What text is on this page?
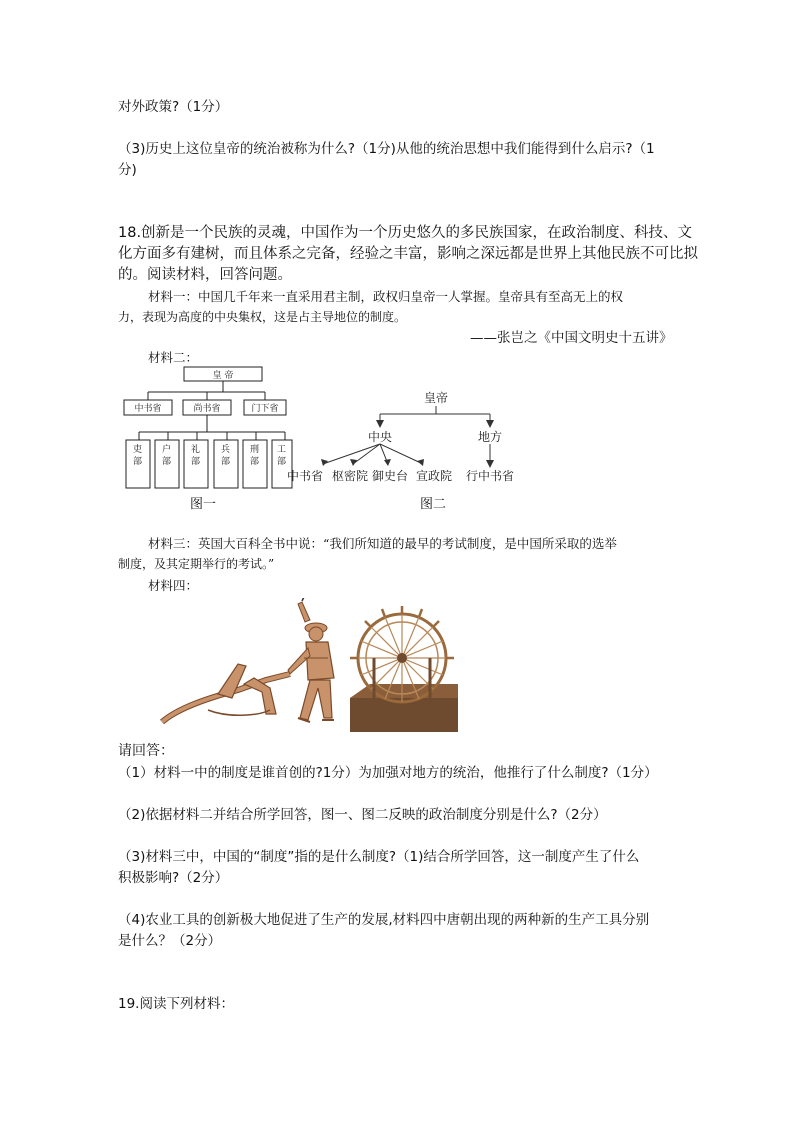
对外政策?（1分）
（3)历史上这位皇帝的统治被称为什么?（1分)从他的统治思想中我们能得到什么启示?（1
分)
18.创新是一个民族的灵魂，中国作为一个历史悠久的多民族国家，在政治制度、科技、文
化方面多有建树，而且体系之完备，经验之丰富，影响之深远都是世界上其他民族不可比拟
的。阅读材料，回答问题。
材料一：中国几千年来一直采用君主制，政权归皇帝一人掌握。皇帝具有至高无上的权
力，表现为高度的中央集权，这是占主导地位的制度。
——张岂之《中国文明史十五讲》
材料二：
皇 帝
中书省	尚书省	门下省
吏部
户部
礼部
兵部
刑部
工部
图一
皇帝
中央	地方
中书省 枢密院 御史台 宣政院 行中书省
图二
材料三：英国大百科全书中说：“我们所知道的最早的考试制度，是中国所采取的选举
制度，及其定期举行的考试。”
材料四：
请回答：
（1）材料一中的制度是谁首创的?1分）为加强对地方的统治，他推行了什么制度?（1分）
（2)依据材料二并结合所学回答，图一、图二反映的政治制度分别是什么?（2分）
（3)材料三中，中国的“制度”指的是什么制度?（1)结合所学回答，这一制度产生了什么
积极影响?（2分）
（4)农业工具的创新极大地促进了生产的发展,材料四中唐朝出现的两种新的生产工具分别
是什么？（2分）
19.阅读下列材料：
